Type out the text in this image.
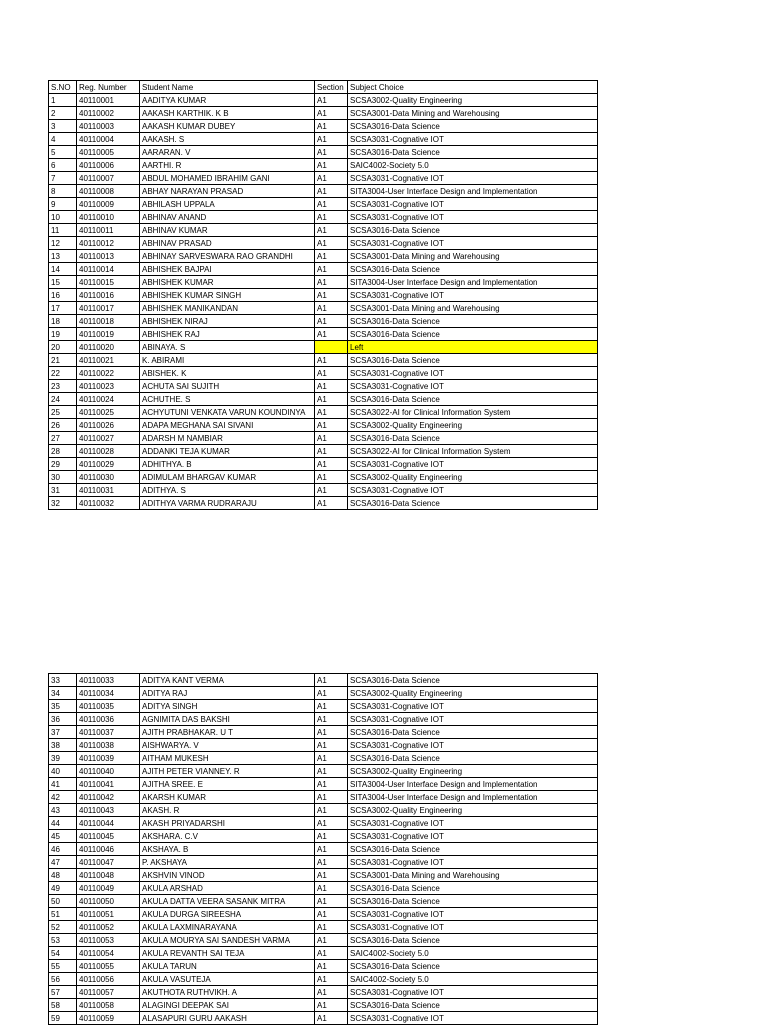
S.NO	Reg. Number	Student Name	Section	Subject Choice
1	40110001	AADITYA KUMAR	A1	SCSA3002-Quality Engineering
2	40110002	AAKASH KARTHIK. K B	A1	SCSA3001-Data Mining and Warehousing
3	40110003	AAKASH KUMAR DUBEY	A1	SCSA3016-Data Science
4	40110004	AAKASH. S	A1	SCSA3031-Cognative IOT
5	40110005	AARARAN. V	A1	SCSA3016-Data Science
6	40110006	AARTHI. R	A1	SAIC4002-Society 5.0
7	40110007	ABDUL MOHAMED IBRAHIM GANI	A1	SCSA3031-Cognative IOT
8	40110008	ABHAY NARAYAN PRASAD	A1	SITA3004-User Interface Design and Implementation
9	40110009	ABHILASH UPPALA	A1	SCSA3031-Cognative IOT
10	40110010	ABHINAV ANAND	A1	SCSA3031-Cognative IOT
11	40110011	ABHINAV KUMAR	A1	SCSA3016-Data Science
12	40110012	ABHINAV PRASAD	A1	SCSA3031-Cognative IOT
13	40110013	ABHINAY SARVESWARA RAO GRANDHI	A1	SCSA3001-Data Mining and Warehousing
14	40110014	ABHISHEK BAJPAI	A1	SCSA3016-Data Science
15	40110015	ABHISHEK KUMAR	A1	SITA3004-User Interface Design and Implementation
16	40110016	ABHISHEK KUMAR SINGH	A1	SCSA3031-Cognative IOT
17	40110017	ABHISHEK MANIKANDAN	A1	SCSA3001-Data Mining and Warehousing
18	40110018	ABHISHEK NIRAJ	A1	SCSA3016-Data Science
19	40110019	ABHISHEK RAJ	A1	SCSA3016-Data Science
20	40110020	ABINAYA. S		Left
21	40110021	K. ABIRAMI	A1	SCSA3016-Data Science
22	40110022	ABISHEK. K	A1	SCSA3031-Cognative IOT
23	40110023	ACHUTA SAI SUJITH	A1	SCSA3031-Cognative IOT
24	40110024	ACHUTHE. S	A1	SCSA3016-Data Science
25	40110025	ACHYUTUNI VENKATA VARUN KOUNDINYA	A1	SCSA3022-AI for Clinical Information System
26	40110026	ADAPA MEGHANA SAI SIVANI	A1	SCSA3002-Quality Engineering
27	40110027	ADARSH M NAMBIAR	A1	SCSA3016-Data Science
28	40110028	ADDANKI TEJA KUMAR	A1	SCSA3022-AI for Clinical Information System
29	40110029	ADHITHYA. B	A1	SCSA3031-Cognative IOT
30	40110030	ADIMULAM BHARGAV KUMAR	A1	SCSA3002-Quality Engineering
31	40110031	ADITHYA. S	A1	SCSA3031-Cognative IOT
32	40110032	ADITHYA VARMA RUDRARAJU	A1	SCSA3016-Data Science
33	40110033	ADITYA KANT VERMA	A1	SCSA3016-Data Science
34	40110034	ADITYA RAJ	A1	SCSA3002-Quality Engineering
35	40110035	ADITYA SINGH	A1	SCSA3031-Cognative IOT
36	40110036	AGNIMITA DAS BAKSHI	A1	SCSA3031-Cognative IOT
37	40110037	AJITH PRABHAKAR. U T	A1	SCSA3016-Data Science
38	40110038	AISHWARYA. V	A1	SCSA3031-Cognative IOT
39	40110039	AITHAM MUKESH	A1	SCSA3016-Data Science
40	40110040	AJITH PETER VIANNEY. R	A1	SCSA3002-Quality Engineering
41	40110041	AJITHA SREE. E	A1	SITA3004-User Interface Design and Implementation
42	40110042	AKARSH KUMAR	A1	SITA3004-User Interface Design and Implementation
43	40110043	AKASH. R	A1	SCSA3002-Quality Engineering
44	40110044	AKASH PRIYADARSHI	A1	SCSA3031-Cognative IOT
45	40110045	AKSHARA. C.V	A1	SCSA3031-Cognative IOT
46	40110046	AKSHAYA. B	A1	SCSA3016-Data Science
47	40110047	P. AKSHAYA	A1	SCSA3031-Cognative IOT
48	40110048	AKSHVIN VINOD	A1	SCSA3001-Data Mining and Warehousing
49	40110049	AKULA ARSHAD	A1	SCSA3016-Data Science
50	40110050	AKULA DATTA VEERA SASANK MITRA	A1	SCSA3016-Data Science
51	40110051	AKULA DURGA SIREESHA	A1	SCSA3031-Cognative IOT
52	40110052	AKULA LAXMINARAYANA	A1	SCSA3031-Cognative IOT
53	40110053	AKULA MOURYA SAI SANDESH VARMA	A1	SCSA3016-Data Science
54	40110054	AKULA REVANTH SAI TEJA	A1	SAIC4002-Society 5.0
55	40110055	AKULA TARUN	A1	SCSA3016-Data Science
56	40110056	AKULA VASUTEJA	A1	SAIC4002-Society 5.0
57	40110057	AKUTHOTA RUTHVIKH. A	A1	SCSA3031-Cognative IOT
58	40110058	ALAGINGI DEEPAK SAI	A1	SCSA3016-Data Science
59	40110059	ALASAPURI GURU AAKASH	A1	SCSA3031-Cognative IOT
